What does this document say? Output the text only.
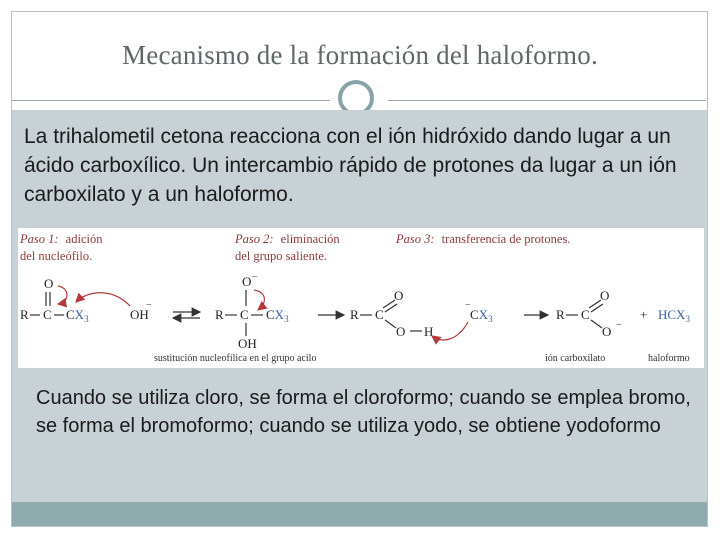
Mecanismo de la formación del haloformo.
La trihalometil cetona reacciona con el ión hidróxido dando lugar a un ácido carboxílico. Un intercambio rápido de protones da lugar a un ión carboxilato y a un haloformo.
Paso 1: adición
del nucleófilo.
Paso 2: eliminación
del grupo saliente.
Paso 3: transferencia de protones.
O
R C $CX_3$	OH
−
O −
R C $CX_3$
OH
O
R C
O H
$CX_3$
−
O
R C
O −
+ $HCX_3$
sustitución nucleofílica en el grupo acilo	ión carboxilato	haloformo
Cuando se utiliza cloro, se forma el cloroformo; cuando se emplea bromo, se forma el bromoformo; cuando se utiliza yodo, se obtiene yodoformo
